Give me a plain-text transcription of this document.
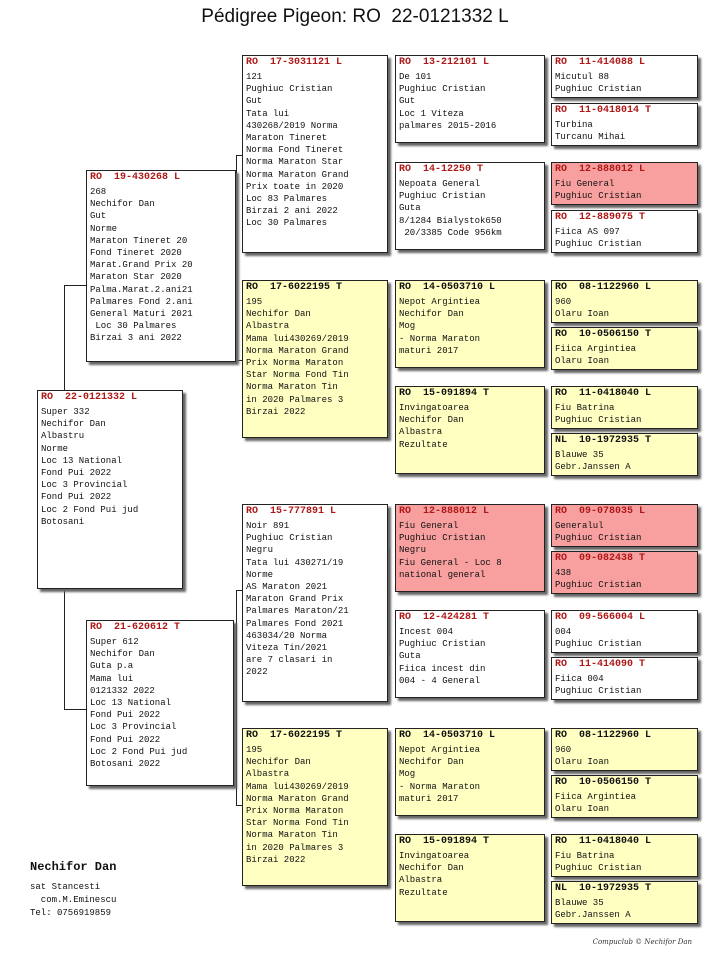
Pédigree Pigeon: RO  22-0121332 L
RO  22-0121332 L
Super 332
Nechifor Dan
Albastru
Norme
Loc 13 National
Fond Pui 2022
Loc 3 Provincial
Fond Pui 2022
Loc 2 Fond Pui jud
Botosani
RO  19-430268 L
268
Nechifor Dan
Gut
Norme
Maraton Tineret 20
Fond Tineret 2020
Marat.Grand Prix 20
Maraton Star 2020
Palma.Marat.2.ani21
Palmares Fond 2.ani
General Maturi 2021
Loc 30 Palmares
Birzai 3 ani 2022
RO  21-620612 T
Super 612
Nechifor Dan
Guta p.a
Mama lui
0121332 2022
Loc 13 National
Fond Pui 2022
Loc 3 Provincial
Fond Pui 2022
Loc 2 Fond Pui jud
Botosani 2022
RO  17-3031121 L
121
Pughiuc Cristian
Gut
Tata lui
430268/2019 Norma
Maraton Tineret
Norma Fond Tineret
Norma Maraton Star
Norma Maraton Grand
Prix toate in 2020
Loc 83 Palmares
Birzai 2 ani 2022
Loc 30 Palmares
RO  17-6022195 T
195
Nechifor Dan
Albastra
Mama lui430269/2019
Norma Maraton Grand
Prix Norma Maraton
Star Norma Fond Tin
Norma Maraton Tin
in 2020 Palmares 3
Birzai 2022
RO  15-777891 L
Noir 891
Pughiuc Cristian
Negru
Tata lui 430271/19
Norme
AS Maraton 2021
Maraton Grand Prix
Palmares Maraton/21
Palmares Fond 2021
463034/20 Norma
Viteza Tin/2021
are 7 clasari in
2022
RO  17-6022195 T
195
Nechifor Dan
Albastra
Mama lui430269/2019
Norma Maraton Grand
Prix Norma Maraton
Star Norma Fond Tin
Norma Maraton Tin
in 2020 Palmares 3
Birzai 2022
RO  13-212101 L
De 101
Pughiuc Cristian
Gut
Loc 1 Viteza
palmares 2015-2016
RO  14-12250 T
Nepoata General
Pughiuc Cristian
Guta
8/1284 Bialystok650
20/3385 Code 956km
RO  14-0503710 L
Nepot Argintiea
Nechifor Dan
Mog
- Norma Maraton
maturi 2017
RO  15-091894 T
Invingatoarea
Nechifor Dan
Albastra
Rezultate
RO  12-888012 L
Fiu General
Pughiuc Cristian
Negru
Fiu General - Loc 8
national general
RO  12-424281 T
Incest 004
Pughiuc Cristian
Guta
Fiica incest din
004 - 4 General
RO  14-0503710 L
Nepot Argintiea
Nechifor Dan
Mog
- Norma Maraton
maturi 2017
RO  15-091894 T
Invingatoarea
Nechifor Dan
Albastra
Rezultate
RO  11-414088 L
Micutul 88
Pughiuc Cristian
RO  11-0418014 T
Turbina
Turcanu Mihai
RO  12-888012 L
Fiu General
Pughiuc Cristian
RO  12-889075 T
Fiica AS 097
Pughiuc Cristian
RO  08-1122960 L
960
Olaru Ioan
RO  10-0506150 T
Fiica Argintiea
Olaru Ioan
RO  11-0418040 L
Fiu Batrina
Pughiuc Cristian
NL  10-1972935 T
Blauwe 35
Gebr.Janssen A
RO  09-078035 L
Generalul
Pughiuc Cristian
RO  09-082438 T
438
Pughiuc Cristian
RO  09-566004 L
004
Pughiuc Cristian
RO  11-414090 T
Fiica 004
Pughiuc Cristian
RO  08-1122960 L
960
Olaru Ioan
RO  10-0506150 T
Fiica Argintiea
Olaru Ioan
RO  11-0418040 L
Fiu Batrina
Pughiuc Cristian
NL  10-1972935 T
Blauwe 35
Gebr.Janssen A
Nechifor Dan
sat Stancesti
com.M.Eminescu
Tel: 0756919859
Compuclub © Nechifor Dan
